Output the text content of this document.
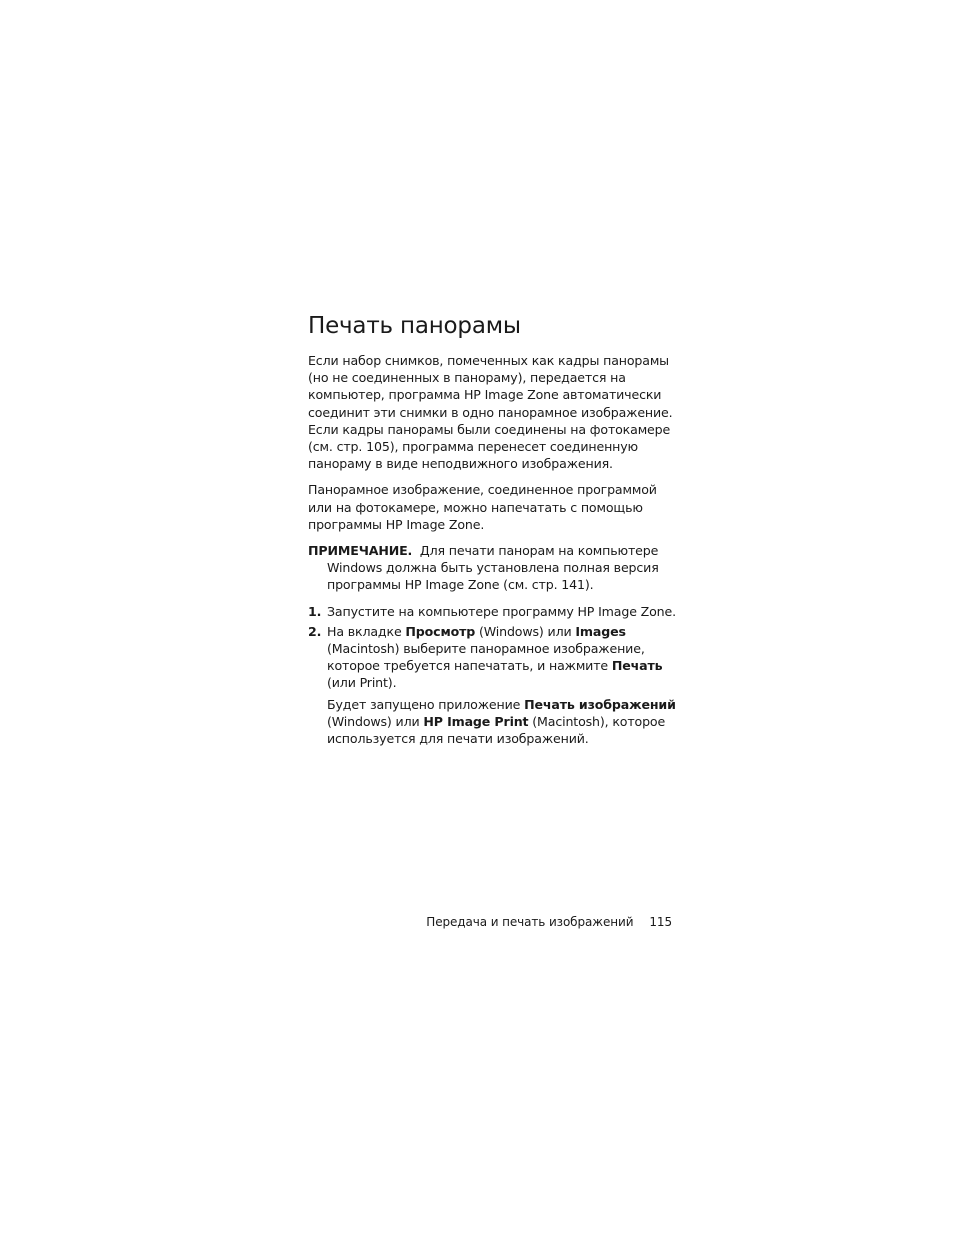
Печать панорамы

Если набор снимков, помеченных как кадры панорамы (но не соединенных в панораму), передается на компьютер, программа HP Image Zone автоматически соединит эти снимки в одно панорамное изображение. Если кадры панорамы были соединены на фотокамере (см. стр. 105), программа перенесет соединенную панораму в виде неподвижного изображения.

Панорамное изображение, соединенное программой или на фотокамере, можно напечатать с помощью программы HP Image Zone.

ПРИМЕЧАНИЕ. Для печати панорам на компьютере Windows должна быть установлена полная версия программы HP Image Zone (см. стр. 141).

1. Запустите на компьютере программу HP Image Zone.
2. На вкладке Просмотр (Windows) или Images (Macintosh) выберите панорамное изображение, которое требуется напечатать, и нажмите Печать (или Print).
Будет запущено приложение Печать изображений (Windows) или HP Image Print (Macintosh), которое используется для печати изображений.
Передача и печать изображений 115
